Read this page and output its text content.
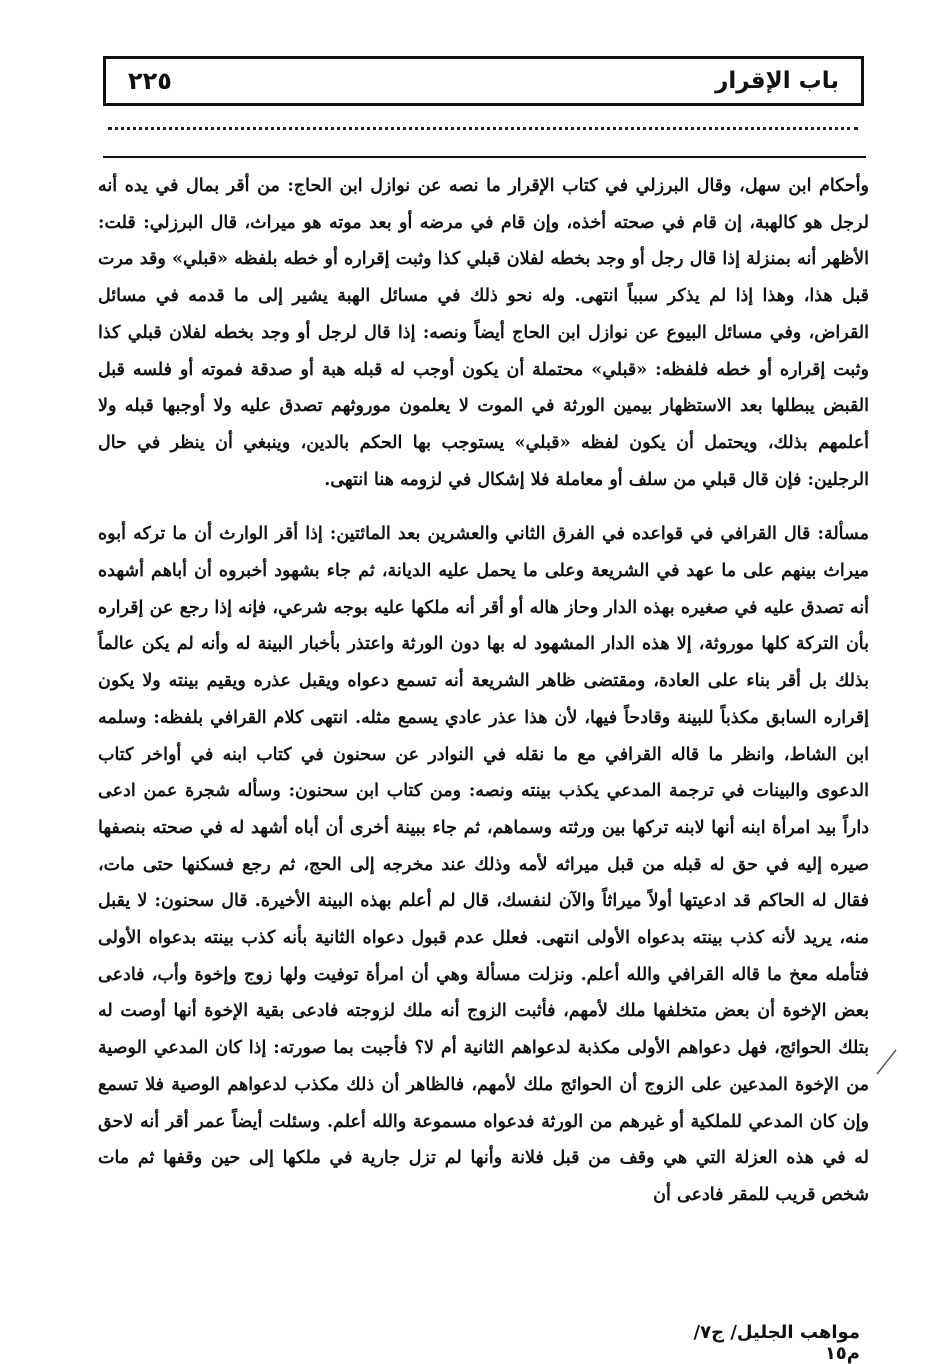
٢٢٥	باب الإقرار

وأحكام ابن سهل، وقال البرزلي في كتاب الإقرار ما نصه عن نوازل ابن الحاج: من أقر بمال في يده أنه لرجل هو كالهبة، إن قام في صحته أخذه، وإن قام في مرضه أو بعد موته هو ميراث، قال البرزلي: قلت: الأظهر أنه بمنزلة إذا قال رجل أو وجد بخطه لفلان قبلي كذا وثبت إقراره أو خطه بلفظه «قبلي» وقد مرت قبل هذا، وهذا إذا لم يذكر سبباً انتهى. وله نحو ذلك في مسائل الهبة يشير إلى ما قدمه في مسائل القراض، وفي مسائل البيوع عن نوازل ابن الحاج أيضاً ونصه: إذا قال لرجل أو وجد بخطه لفلان قبلي كذا وثبت إقراره أو خطه فلفظه: «قبلي» محتملة أن يكون أوجب له قبله هبة أو صدقة فموته أو فلسه قبل القبض يبطلها بعد الاستظهار بيمين الورثة في الموت لا يعلمون موروثهم تصدق عليه ولا أوجبها قبله ولا أعلمهم بذلك، ويحتمل أن يكون لفظه «قبلي» يستوجب بها الحكم بالدين، وينبغي أن ينظر في حال الرجلين: فإن قال قبلي من سلف أو معاملة فلا إشكال في لزومه هنا انتهى.

مسألة: قال القرافي في قواعده في الفرق الثاني والعشرين بعد المائتين: إذا أقر الوارث أن ما تركه أبوه ميراث بينهم على ما عهد في الشريعة وعلى ما يحمل عليه الديانة، ثم جاء بشهود أخبروه أن أباهم أشهده أنه تصدق عليه في صغيره بهذه الدار وحاز هاله أو أقر أنه ملكها عليه بوجه شرعي، فإنه إذا رجع عن إقراره بأن التركة كلها موروثة، إلا هذه الدار المشهود له بها دون الورثة واعتذر بأخبار البينة له وأنه لم يكن عالماً بذلك بل أقر بناء على العادة، ومقتضى ظاهر الشريعة أنه تسمع دعواه ويقبل عذره ويقيم بينته ولا يكون إقراره السابق مكذباً للبينة وقادحاً فيها، لأن هذا عذر عادي يسمع مثله. انتهى كلام القرافي بلفظه: وسلمه ابن الشاط، وانظر ما قاله القرافي مع ما نقله في النوادر عن سحنون في كتاب ابنه في أواخر كتاب الدعوى والبينات في ترجمة المدعي يكذب بينته ونصه: ومن كتاب ابن سحنون: وسأله شجرة عمن ادعى داراً بيد امرأة ابنه أنها لابنه تركها بين ورثته وسماهم، ثم جاء ببينة أخرى أن أباه أشهد له في صحته بنصفها صيره إليه في حق له قبله من قبل ميراثه لأمه وذلك عند مخرجه إلى الحج، ثم رجع فسكنها حتى مات، فقال له الحاكم قد ادعيتها أولاً ميراثاً والآن لنفسك، قال لم أعلم بهذه البينة الأخيرة. قال سحنون: لا يقبل منه، يريد لأنه كذب بينته بدعواه الأولى انتهى. فعلل عدم قبول دعواه الثانية بأنه كذب بينته بدعواه الأولى فتأمله معخ ما قاله القرافي والله أعلم. ونزلت مسألة وهي أن امرأة توفيت ولها زوج وإخوة وأب، فادعى بعض الإخوة أن بعض متخلفها ملك لأمهم، فأثبت الزوج أنه ملك لزوجته فادعى بقية الإخوة أنها أوصت له بتلك الحوائج، فهل دعواهم الأولى مكذبة لدعواهم الثانية أم لا؟ فأجبت بما صورته: إذا كان المدعي الوصية من الإخوة المدعين على الزوج أن الحوائج ملك لأمهم، فالظاهر أن ذلك مكذب لدعواهم الوصية فلا تسمع وإن كان المدعي للملكية أو غيرهم من الورثة فدعواه مسموعة والله أعلم. وسئلت أيضاً عمر أقر أنه لاحق له في هذه العزلة التي هي وقف من قبل فلانة وأنها لم تزل جارية في ملكها إلى حين وقفها ثم مات شخص قريب للمقر فادعى أن

مواهب الجليل/ ج٧/ م١٥
